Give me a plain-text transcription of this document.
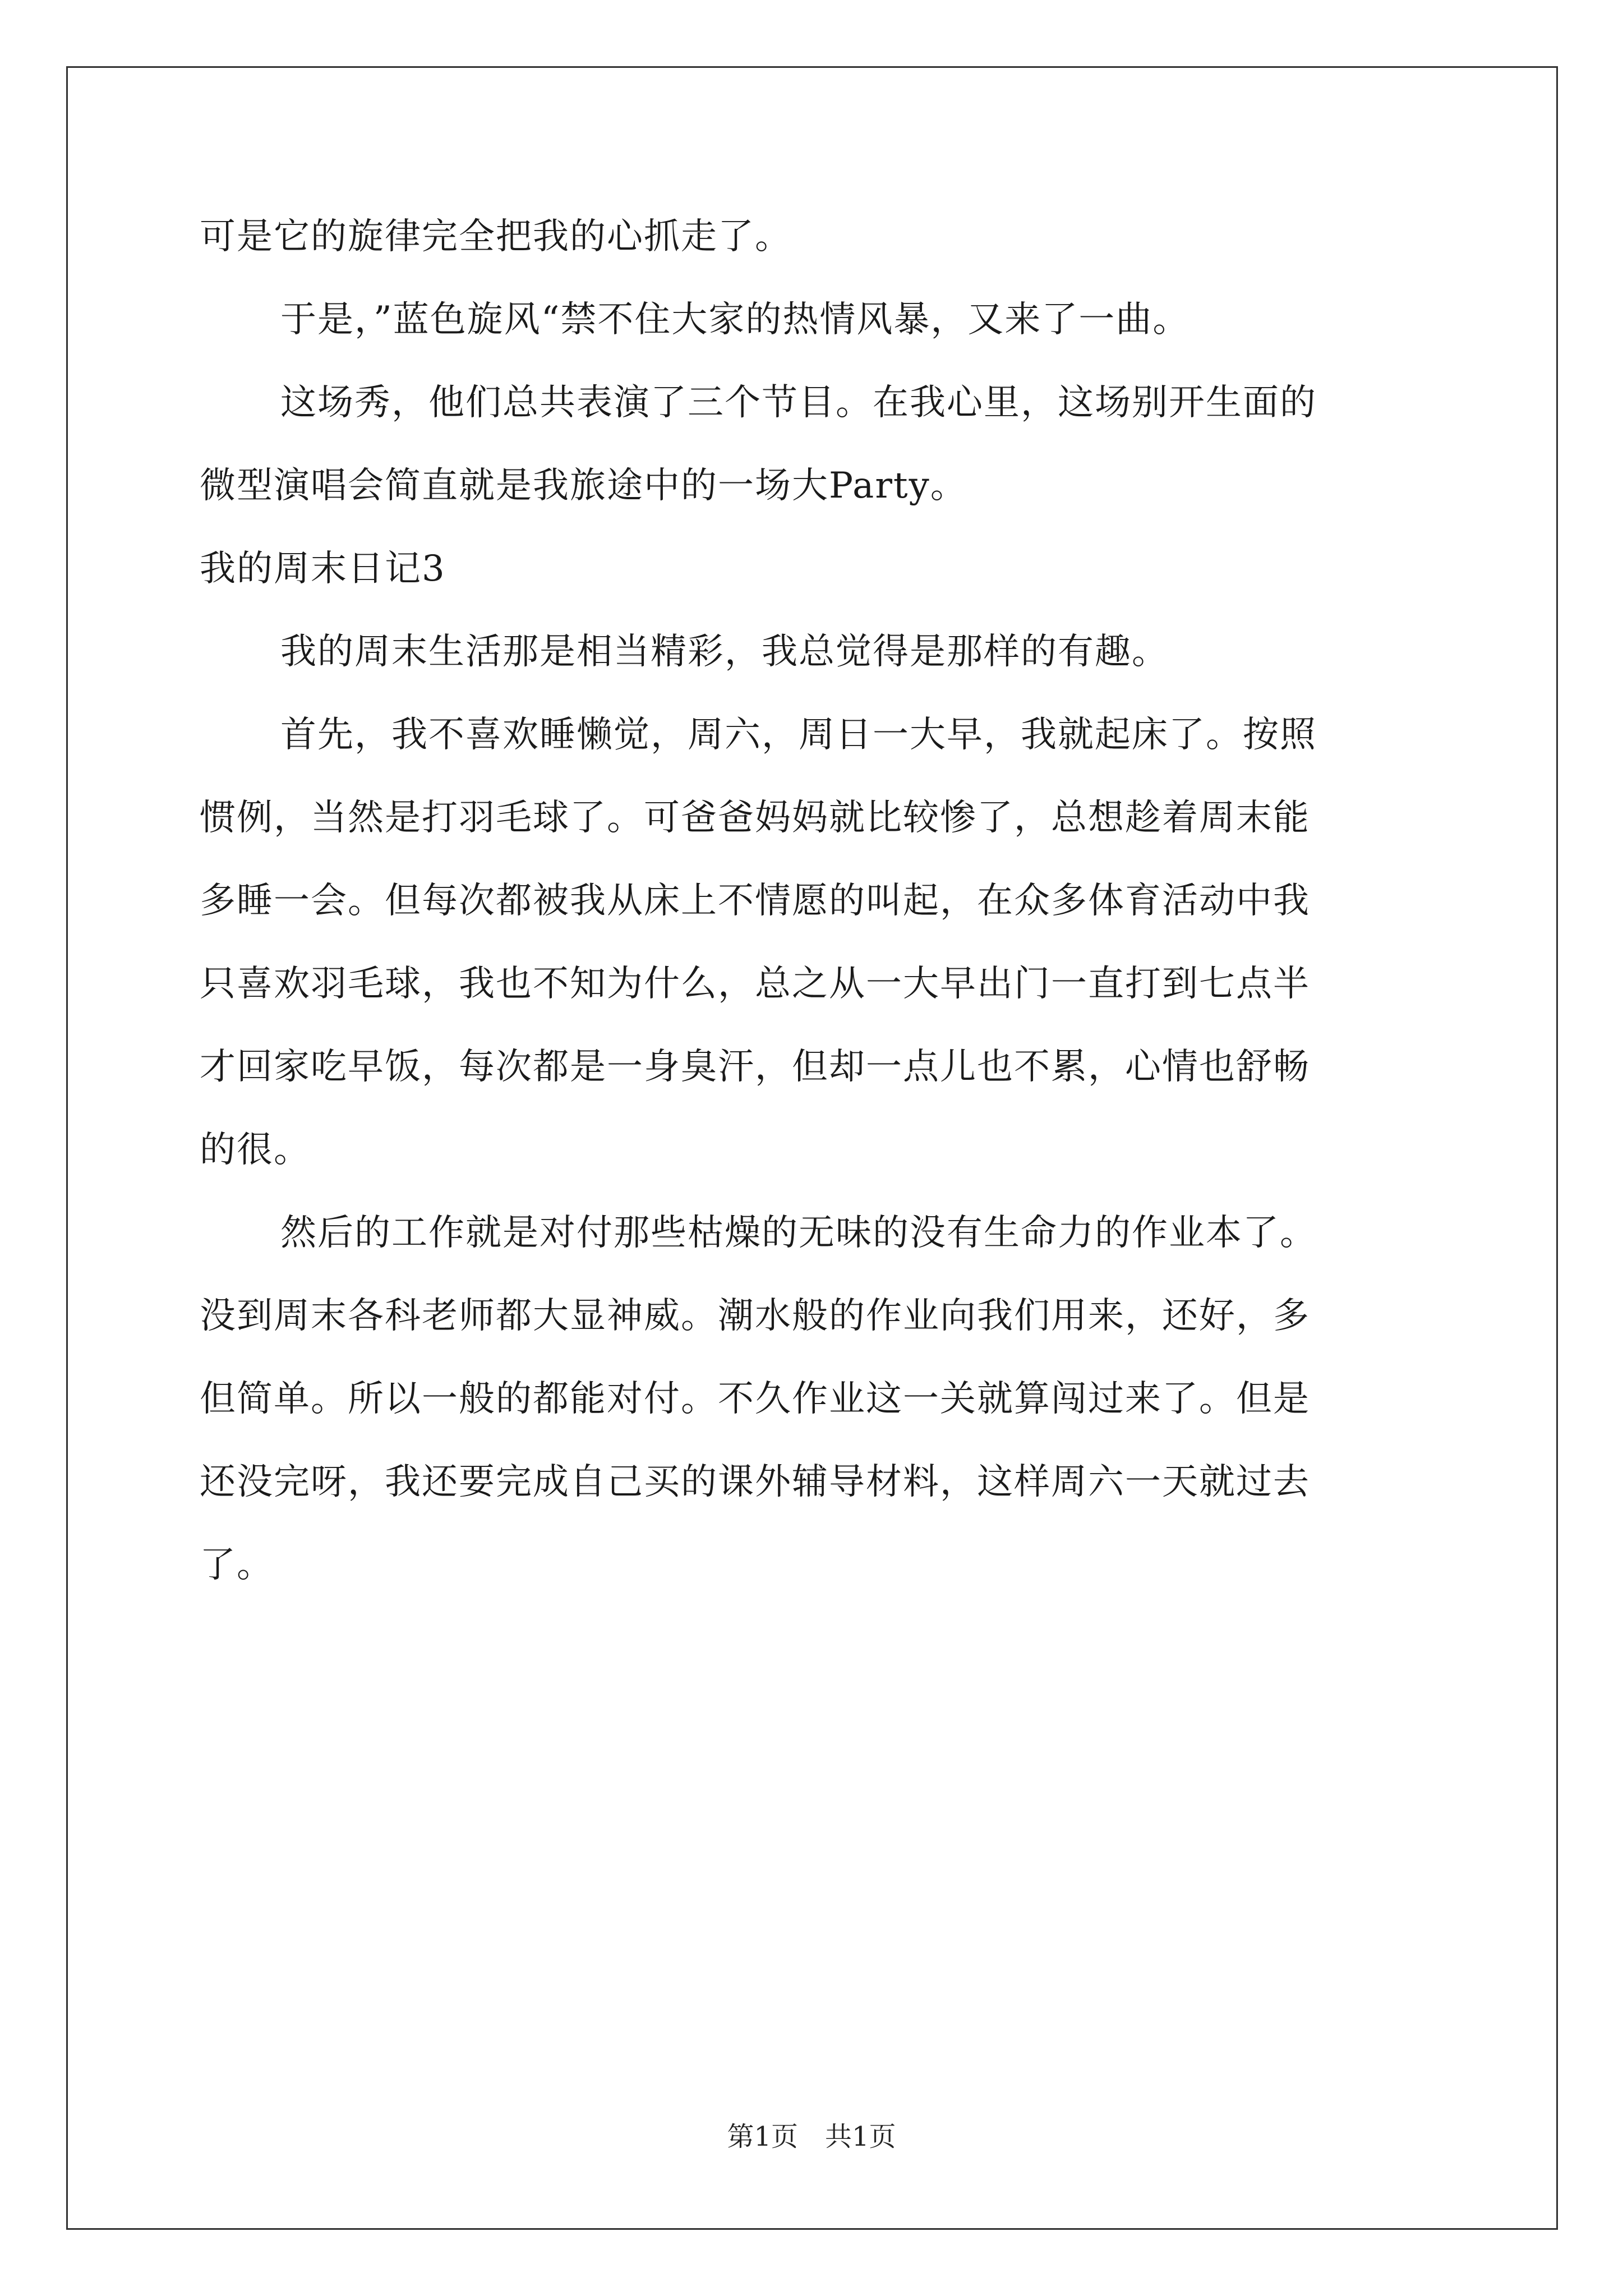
可是它的旋律完全把我的心抓走了。
于是，”蓝色旋风“禁不住大家的热情风暴，又来了一曲。
这场秀，他们总共表演了三个节目。在我心里，这场别开生面的
微型演唱会简直就是我旅途中的一场大Party。
我的周末日记3
我的周末生活那是相当精彩，我总觉得是那样的有趣。
首先，我不喜欢睡懒觉，周六，周日一大早，我就起床了。按照
惯例，当然是打羽毛球了。可爸爸妈妈就比较惨了，总想趁着周末能
多睡一会。但每次都被我从床上不情愿的叫起，在众多体育活动中我
只喜欢羽毛球，我也不知为什么，总之从一大早出门一直打到七点半
才回家吃早饭，每次都是一身臭汗，但却一点儿也不累，心情也舒畅
的很。
然后的工作就是对付那些枯燥的无味的没有生命力的作业本了。
没到周末各科老师都大显神威。潮水般的作业向我们用来，还好，多
但简单。所以一般的都能对付。不久作业这一关就算闯过来了。但是
还没完呀，我还要完成自己买的课外辅导材料，这样周六一天就过去
了。
第1页　共1页
